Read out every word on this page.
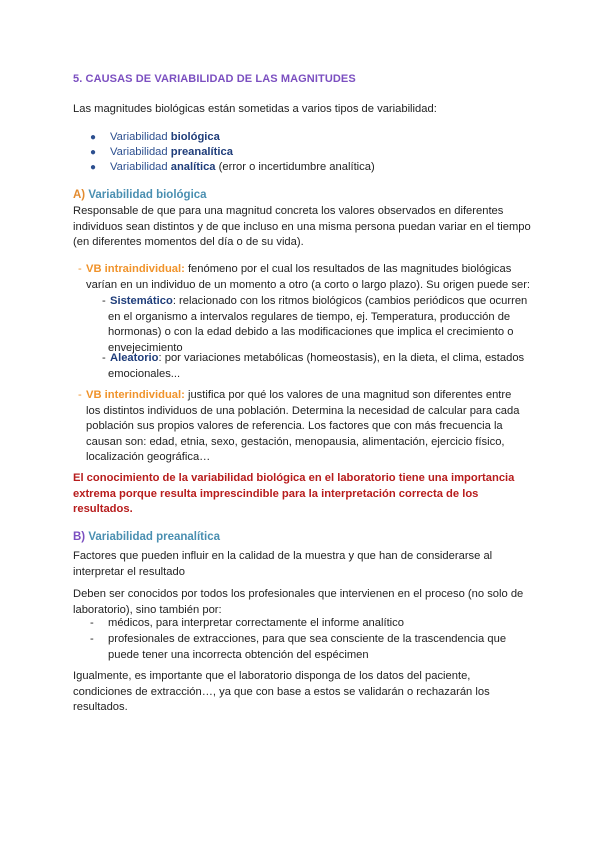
5. CAUSAS DE VARIABILIDAD DE LAS MAGNITUDES
Las magnitudes biológicas están sometidas a varios tipos de variabilidad:
● Variabilidad biológica
● Variabilidad preanalítica
● Variabilidad analítica (error o incertidumbre analítica)
A) Variabilidad biológica
Responsable de que para una magnitud concreta los valores observados en diferentes
individuos sean distintos y de que incluso en una misma persona puedan variar en el tiempo
(en diferentes momentos del día o de su vida).
- VB intraindividual: fenómeno por el cual los resultados de las magnitudes biológicas
varían en un individuo de un momento a otro (a corto o largo plazo). Su origen puede ser:
- Sistemático: relacionado con los ritmos biológicos (cambios periódicos que ocurren
en el organismo a intervalos regulares de tiempo, ej. Temperatura, producción de
hormonas) o con la edad debido a las modificaciones que implica el crecimiento o
envejecimiento
- Aleatorio: por variaciones metabólicas (homeostasis), en la dieta, el clima, estados
emocionales...
- VB interindividual: justifica por qué los valores de una magnitud son diferentes entre
los distintos individuos de una población. Determina la necesidad de calcular para cada
población sus propios valores de referencia. Los factores que con más frecuencia la
causan son: edad, etnia, sexo, gestación, menopausia, alimentación, ejercicio físico,
localización geográfica…
El conocimiento de la variabilidad biológica en el laboratorio tiene una importancia
extrema porque resulta imprescindible para la interpretación correcta de los
resultados.
B) Variabilidad preanalítica
Factores que pueden influir en la calidad de la muestra y que han de considerarse al
interpretar el resultado
Deben ser conocidos por todos los profesionales que intervienen en el proceso (no solo de
laboratorio), sino también por:
- médicos, para interpretar correctamente el informe analítico
- profesionales de extracciones, para que sea consciente de la trascendencia que
puede tener una incorrecta obtención del espécimen
Igualmente, es importante que el laboratorio disponga de los datos del paciente,
condiciones de extracción…, ya que con base a estos se validarán o rechazarán los
resultados.
